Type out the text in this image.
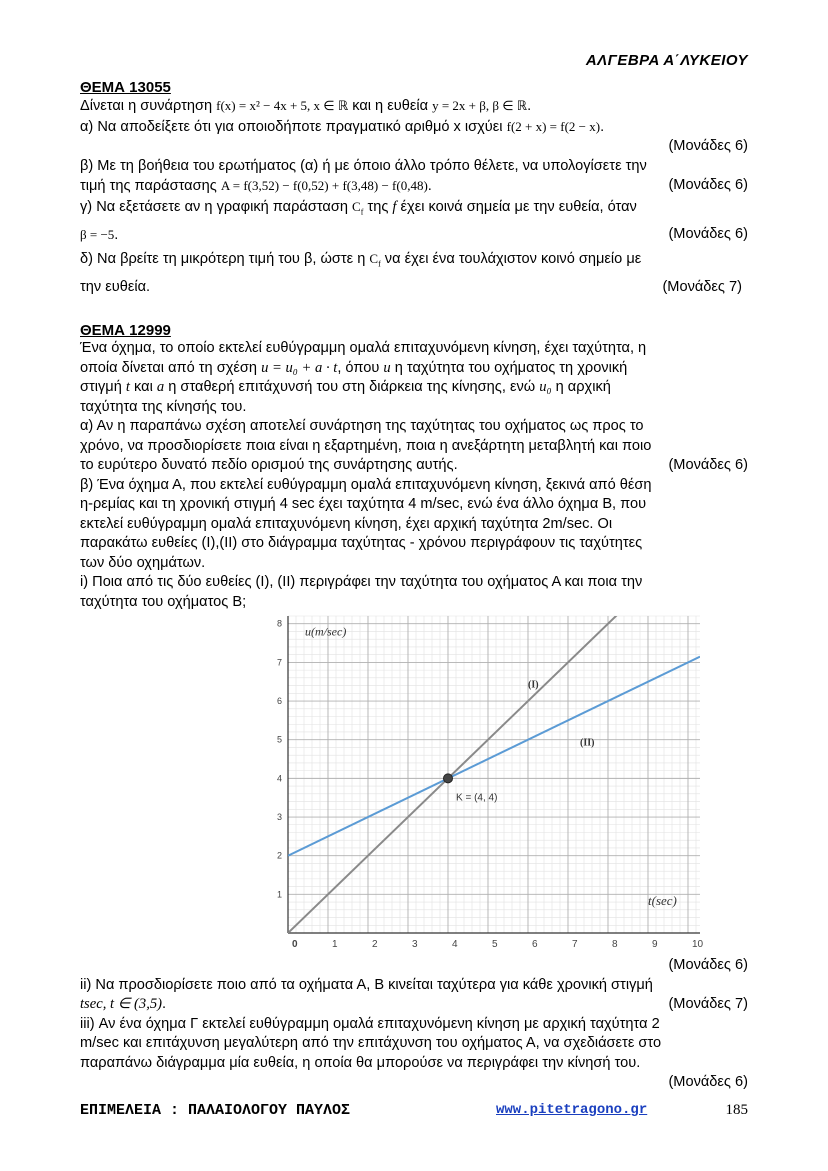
ΑΛΓΕΒΡΑ Α΄ΛΥΚΕΙΟΥ
ΘΕΜΑ 13055

Δίνεται η συνάρτηση f(x) = x² − 4x + 5, x ∈ ℝ και η ευθεία y = 2x + β, β ∈ ℝ.

α) Να αποδείξετε ότι για οποιοδήποτε πραγματικό αριθμό x ισχύει f(2 + x) = f(2 − x).

(Μονάδες 6)

β) Με τη βοήθεια του ερωτήματος (α) ή με όποιο άλλο τρόπο θέλετε, να υπολογίσετε την

τιμή της παράστασης A = f(3,52) − f(0,52) + f(3,48) − f(0,48).	(Μονάδες 6)

γ) Να εξετάσετε αν η γραφική παράσταση $C_f$ της f έχει κοινά σημεία με την ευθεία, όταν

β = −5.	(Μονάδες 6)

δ) Να βρείτε τη μικρότερη τιμή του β, ώστε η $C_f$ να έχει ένα τουλάχιστον κοινό σημείο με

την ευθεία.	(Μονάδες 7)
ΘΕΜΑ 12999

Ένα όχημα, το οποίο εκτελεί ευθύγραμμη ομαλά επιταχυνόμενη κίνηση, έχει ταχύτητα, η

οποία δίνεται από τη σχέση u = u₀ + a · t, όπου u η ταχύτητα του οχήματος τη χρονική

στιγμή t και a η σταθερή επιτάχυνσή του στη διάρκεια της κίνησης, ενώ u₀ η αρχική

ταχύτητα της κίνησής του.

α) Αν η παραπάνω σχέση αποτελεί συνάρτηση της ταχύτητας του οχήματος ως προς το

χρόνο, να προσδιορίσετε ποια είναι η εξαρτημένη, ποια η ανεξάρτητη μεταβλητή και ποιο

το ευρύτερο δυνατό πεδίο ορισμού της συνάρτησης αυτής.	(Μονάδες 6)

β) Ένα όχημα Α, που εκτελεί ευθύγραμμη ομαλά επιταχυνόμενη κίνηση, ξεκινά από θέση

η-ρεμίας και τη χρονική στιγμή 4 sec έχει ταχύτητα 4 m/sec, ενώ ένα άλλο όχημα Β, που

εκτελεί ευθύγραμμη ομαλά επιταχυνόμενη κίνηση, έχει αρχική ταχύτητα 2m/sec. Οι

παρακάτω ευθείες (Ι),(ΙΙ) στο διάγραμμα ταχύτητας - χρόνου περιγράφουν τις ταχύτητες

των δύο οχημάτων.

i) Ποια από τις δύο ευθείες (Ι), (ΙΙ) περιγράφει την ταχύτητα του οχήματος Α και ποια την

ταχύτητα του οχήματος Β;

(Μονάδες 6)

ii) Να προσδιορίσετε ποιο από τα οχήματα Α, Β κινείται ταχύτερα για κάθε χρονική στιγμή

tsec, t ∈ (3,5).	(Μονάδες 7)

iii) Αν ένα όχημα Γ εκτελεί ευθύγραμμη ομαλά επιταχυνόμενη κίνηση με αρχική ταχύτητα 2

m/sec και επιτάχυνση μεγαλύτερη από την επιτάχυνση του οχήματος Α, να σχεδιάσετε στο

παραπάνω διάγραμμα μία ευθεία, η οποία θα μπορούσε να περιγράφει την κίνησή του.

(Μονάδες 6)
0	1	2	3	4	5	6	7	8	9	10
1
2
3
4
5
6
7
8
(I)
(II)
K = (4, 4)
u(m/sec)
t(sec)
ΕΠΙΜΕΛΕΙΑ : ΠΑΛΑΙΟΛΟΓΟΥ ΠΑΥΛΟΣ	www.pitetragono.gr	185
